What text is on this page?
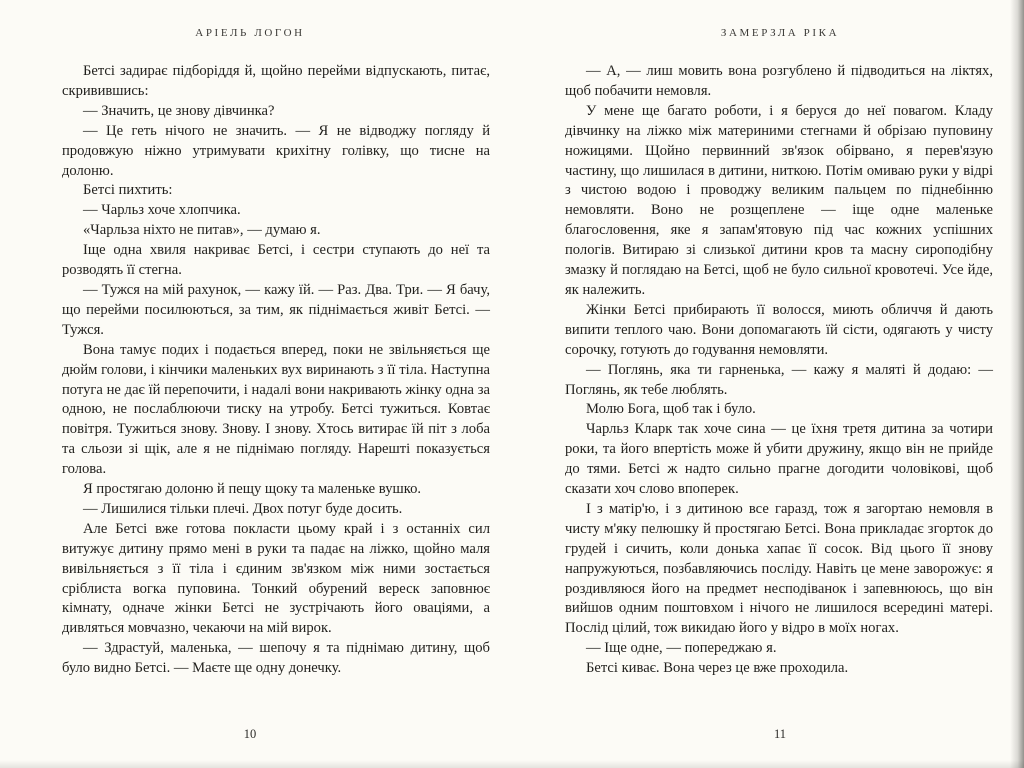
АРІЕЛЬ ЛОГОН

Бетсі задирає підборіддя й, щойно перейми відпускають, питає, скривившись:

— Значить, це знову дівчинка?

— Це геть нічого не значить. — Я не відводжу погляду й продовжую ніжно утримувати крихітну голівку, що тисне на долоню.

Бетсі пихтить:

— Чарльз хоче хлопчика.

«Чарльза ніхто не питав», — думаю я.

Іще одна хвиля накриває Бетсі, і сестри ступають до неї та розводять її стегна.

— Тужся на мій рахунок, — кажу їй. — Раз. Два. Три. — Я бачу, що перейми посилюються, за тим, як піднімається живіт Бетсі. — Тужся.

Вона тамує подих і подається вперед, поки не звільняється ще дюйм голови, і кінчики маленьких вух виринають з її тіла. Наступна потуга не дає їй перепочити, і надалі вони накривають жінку одна за одною, не послаблюючи тиску на утробу. Бетсі тужиться. Ковтає повітря. Тужиться знову. Знову. І знову. Хтось витирає їй піт з лоба та сльози зі щік, але я не піднімаю погляду. Нарешті показується голова.

Я простягаю долоню й пещу щоку та маленьке вушко.

— Лишилися тільки плечі. Двох потуг буде досить.

Але Бетсі вже готова покласти цьому край і з останніх сил витужує дитину прямо мені в руки та падає на ліжко, щойно маля вивільняється з її тіла і єдиним зв'язком між ними зостається сріблиста вогка пуповина. Тонкий обурений вереск заповнює кімнату, одначе жінки Бетсі не зустрічають його оваціями, а дивляться мовчазно, чекаючи на мій вирок.

— Здрастуй, маленька, — шепочу я та піднімаю дитину, щоб було видно Бетсі. — Маєте ще одну донечку.

10
ЗАМЕРЗЛА РІКА

— А, — лиш мовить вона розгублено й підводиться на ліктях, щоб побачити немовля.

У мене ще багато роботи, і я беруся до неї повагом. Кладу дівчинку на ліжко між материними стегнами й обрізаю пуповину ножицями. Щойно первинний зв'язок обірвано, я перев'язую частину, що лишилася в дитини, ниткою. Потім омиваю руки у відрі з чистою водою і проводжу великим пальцем по піднебінню немовляти. Воно не розщеплене — іще одне маленьке благословення, яке я запам'ятовую під час кожних успішних пологів. Витираю зі слизької дитини кров та масну сироподібну змазку й поглядаю на Бетсі, щоб не було сильної кровотечі. Усе йде, як належить.

Жінки Бетсі прибирають її волосся, миють обличчя й дають випити теплого чаю. Вони допомагають їй сісти, одягають у чисту сорочку, готують до годування немовляти.

— Поглянь, яка ти гарненька, — кажу я маляті й додаю: — Поглянь, як тебе люблять.

Молю Бога, щоб так і було.

Чарльз Кларк так хоче сина — це їхня третя дитина за чотири роки, та його впертість може й убити дружину, якщо він не прийде до тями. Бетсі ж надто сильно прагне догодити чоловікові, щоб сказати хоч слово впоперек.

І з матір'ю, і з дитиною все гаразд, тож я загортаю немовля в чисту м'яку пелюшку й простягаю Бетсі. Вона прикладає згорток до грудей і сичить, коли донька хапає її сосок. Від цього її знову напружуються, позбавляючись посліду. Навіть це мене заворожує: я роздивляюся його на предмет несподіванок і запевнююсь, що він вийшов одним поштовхом і нічого не лишилося всередині матері. Послід цілий, тож викидаю його у відро в моїх ногах.

— Іще одне, — попереджаю я.

Бетсі киває. Вона через це вже проходила.

11
